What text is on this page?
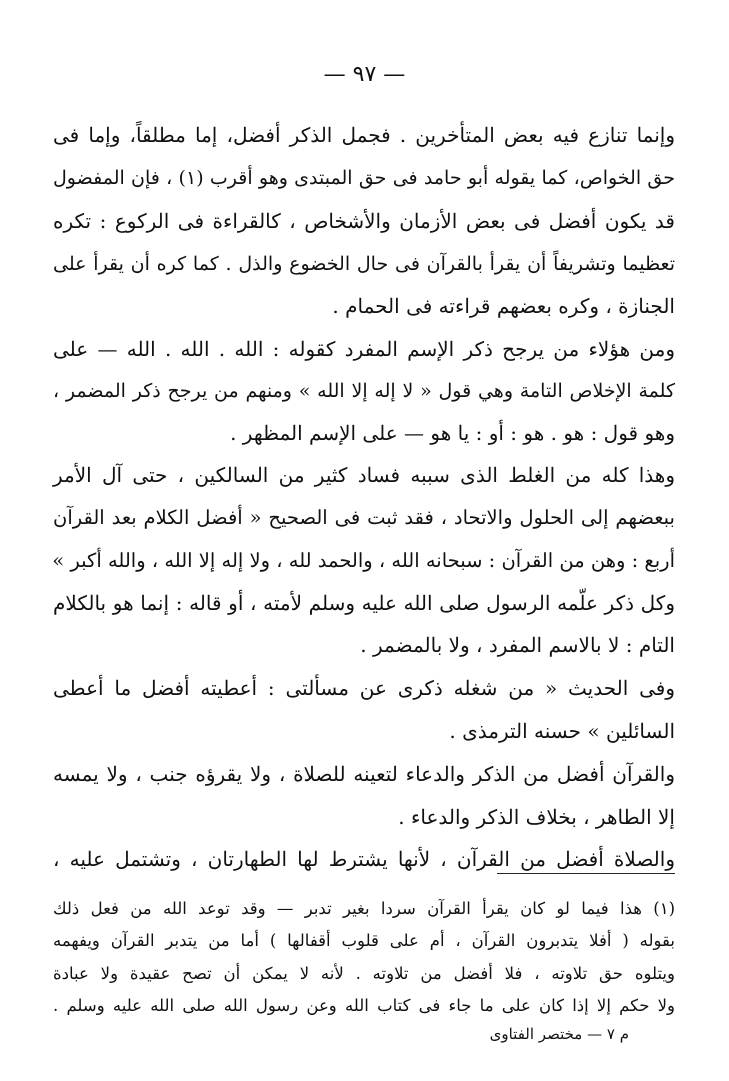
— ٩٧ —
وإنما تنازع فيه بعض المتأخرين . فجمل الذكر أفضل، إما مطلقاً، وإما فى
حق الخواص، كما يقوله أبو حامد فى حق المبتدى وهو أقرب (١) ، فإن المفضول
قد يكون أفضل فى بعض الأزمان والأشخاص ، كالقراءة فى الركوع : تكره
تعظيما وتشريفاً أن يقرأ بالقرآن فى حال الخضوع والذل . كما كره أن يقرأ على
الجنازة ، وكره بعضهم قراءته فى الحمام .
ومن هؤلاء من يرجح ذكر الإسم المفرد كقوله : الله . الله . الله — على
كلمة الإخلاص التامة وهي قول « لا إله إلا الله » ومنهم من يرجح ذكر المضمر ،
وهو قول : هو . هو : أو : يا هو — على الإسم المظهر .
وهذا كله من الغلط الذى سببه فساد كثير من السالكين ، حتى آل الأمر
ببعضهم إلى الحلول والاتحاد ، فقد ثبت فى الصحيح « أفضل الكلام بعد القرآن
أربع : وهن من القرآن : سبحانه الله ، والحمد لله ، ولا إله إلا الله ، والله أكبر »
وكل ذكر علّمه الرسول صلى الله عليه وسلم لأمته ، أو قاله : إنما هو بالكلام
التام : لا بالاسم المفرد ، ولا بالمضمر .
وفى الحديث « من شغله ذكرى عن مسألتى : أعطيته أفضل ما أعطى
السائلين » حسنه الترمذى .
والقرآن أفضل من الذكر والدعاء لتعينه للصلاة ، ولا يقرؤه جنب ، ولا يمسه
إلا الطاهر ، بخلاف الذكر والدعاء .
والصلاة أفضل من القرآن ، لأنها يشترط لها الطهارتان ، وتشتمل عليه ،
(١) هذا فيما لو كان يقرأ القرآن سردا بغير تدبر — وقد توعد الله من فعل ذلك
بقوله ( أفلا يتدبرون القرآن ، أم على قلوب أقفالها ) أما من يتدبر القرآن ويفهمه
ويتلوه حق تلاوته ، فلا أفضل من تلاوته . لأنه لا يمكن أن تصح عقيدة ولا عبادة
ولا حكم إلا إذا كان على ما جاء فى كتاب الله وعن رسول الله صلى الله عليه وسلم .
م ٧ — مختصر الفتاوى
